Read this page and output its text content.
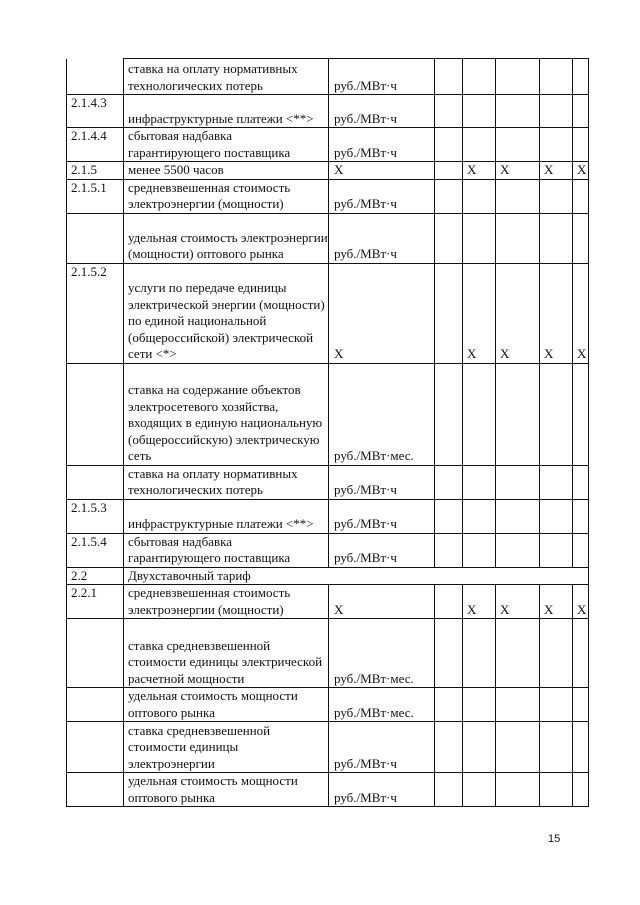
	ставка на оплату нормативных технологических потерь	руб./МВт·ч					
2.1.4.3	инфраструктурные платежи <**>	руб./МВт·ч					
2.1.4.4	сбытовая надбавка гарантирующего поставщика	руб./МВт·ч					
2.1.5	менее 5500 часов	Х		Х	Х	Х	Х
2.1.5.1	средневзвешенная стоимость электроэнергии (мощности)	руб./МВт·ч					
	удельная стоимость электроэнергии (мощности) оптового рынка	руб./МВт·ч					
2.1.5.2	услуги по передаче единицы электрической энергии (мощности) по единой национальной (общероссийской) электрической сети <*>	Х		Х	Х	Х	Х
	ставка на содержание объектов электросетевого хозяйства, входящих в единую национальную (общероссийскую) электрическую сеть	руб./МВт·мес.					
	ставка на оплату нормативных технологических потерь	руб./МВт·ч					
2.1.5.3	инфраструктурные платежи <**>	руб./МВт·ч					
2.1.5.4	сбытовая надбавка гарантирующего поставщика	руб./МВт·ч					
2.2	Двухставочный тариф						
2.2.1	средневзвешенная стоимость электроэнергии (мощности)	Х		Х	Х	Х	Х
	ставка средневзвешенной стоимости единицы электрической расчетной мощности	руб./МВт·мес.					
	удельная стоимость мощности оптового рынка	руб./МВт·мес.					
	ставка средневзвешенной стоимости единицы электроэнергии	руб./МВт·ч					
	удельная стоимость мощности оптового рынка	руб./МВт·ч					
15
